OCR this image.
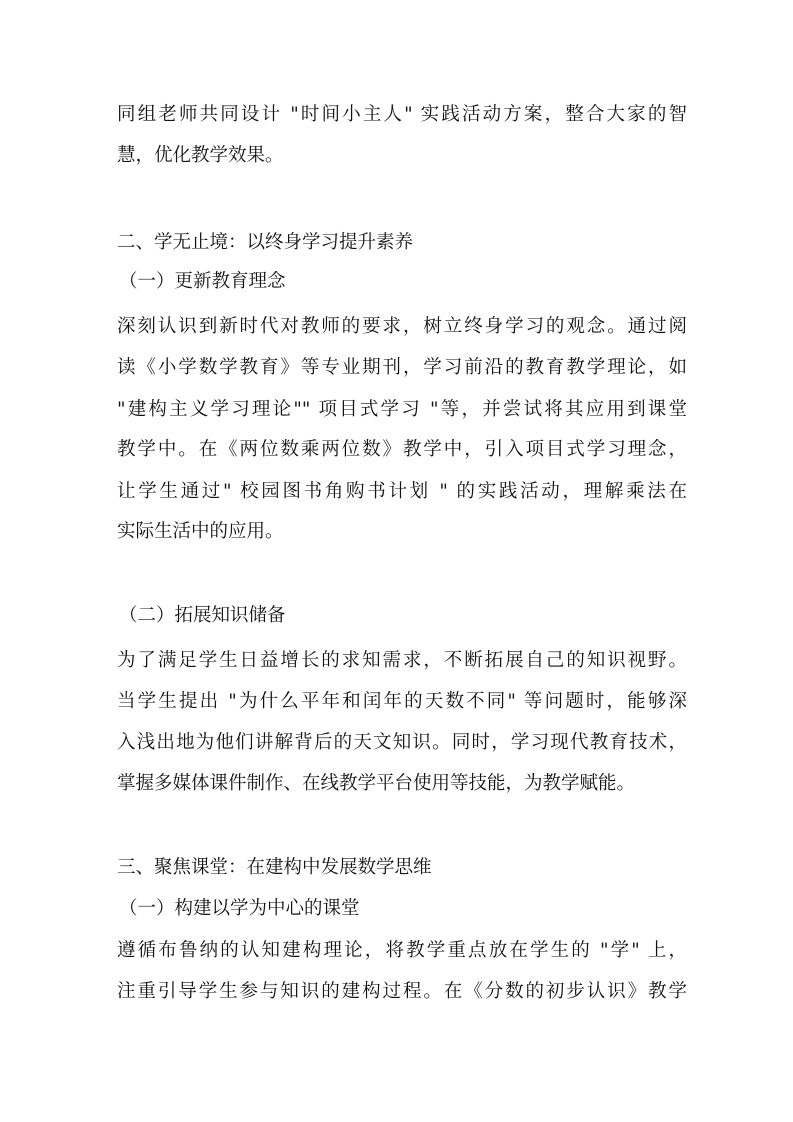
同组老师共同设计 "时间小主人" 实践活动方案，整合大家的智
慧，优化教学效果。
二、学无止境：以终身学习提升素养
（一）更新教育理念
深刻认识到新时代对教师的要求，树立终身学习的观念。通过阅
读《小学数学教育》等专业期刊，学习前沿的教育教学理论，如
"建构主义学习理论"" 项目式学习 "等，并尝试将其应用到课堂
教学中。在《两位数乘两位数》教学中，引入项目式学习理念，
让学生通过" 校园图书角购书计划 " 的实践活动，理解乘法在
实际生活中的应用。
（二）拓展知识储备
为了满足学生日益增长的求知需求，不断拓展自己的知识视野。
当学生提出 "为什么平年和闰年的天数不同" 等问题时，能够深
入浅出地为他们讲解背后的天文知识。同时，学习现代教育技术，
掌握多媒体课件制作、在线教学平台使用等技能，为教学赋能。
三、聚焦课堂：在建构中发展数学思维
（一）构建以学为中心的课堂
遵循布鲁纳的认知建构理论，将教学重点放在学生的 "学" 上，
注重引导学生参与知识的建构过程。在《分数的初步认识》教学
